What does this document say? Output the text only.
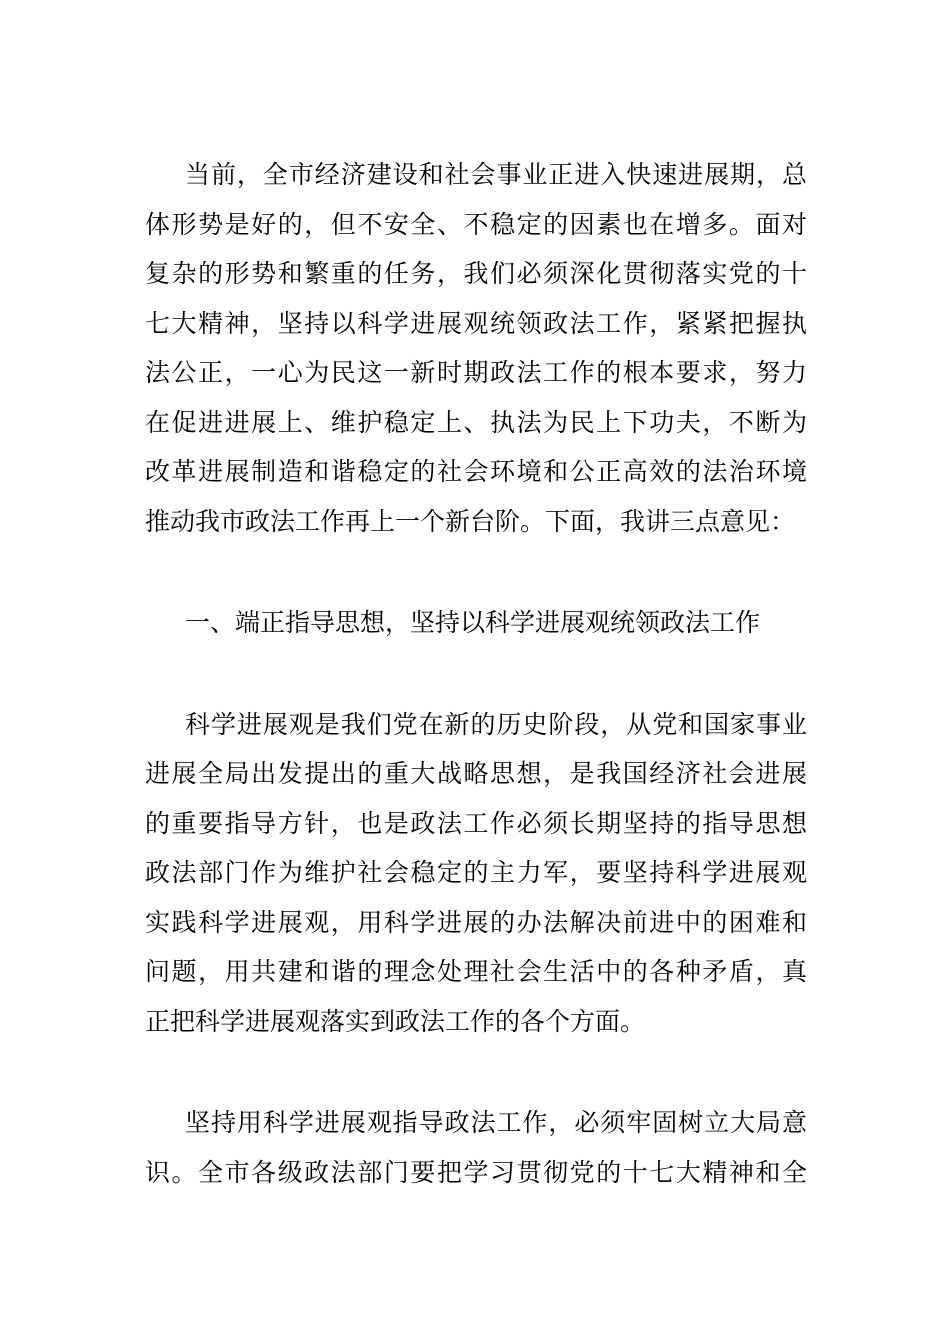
当前，全市经济建设和社会事业正进入快速进展期，总
体形势是好的，但不安全、不稳定的因素也在增多。面对
复杂的形势和繁重的任务，我们必须深化贯彻落实党的十
七大精神，坚持以科学进展观统领政法工作，紧紧把握执
法公正，一心为民这一新时期政法工作的根本要求，努力
在促进进展上、维护稳定上、执法为民上下功夫，不断为
改革进展制造和谐稳定的社会环境和公正高效的法治环境
推动我市政法工作再上一个新台阶。下面，我讲三点意见：
一、端正指导思想，坚持以科学进展观统领政法工作
科学进展观是我们党在新的历史阶段，从党和国家事业
进展全局出发提出的重大战略思想，是我国经济社会进展
的重要指导方针，也是政法工作必须长期坚持的指导思想
政法部门作为维护社会稳定的主力军，要坚持科学进展观
实践科学进展观，用科学进展的办法解决前进中的困难和
问题，用共建和谐的理念处理社会生活中的各种矛盾，真
正把科学进展观落实到政法工作的各个方面。
坚持用科学进展观指导政法工作，必须牢固树立大局意
识。全市各级政法部门要把学习贯彻党的十七大精神和全
